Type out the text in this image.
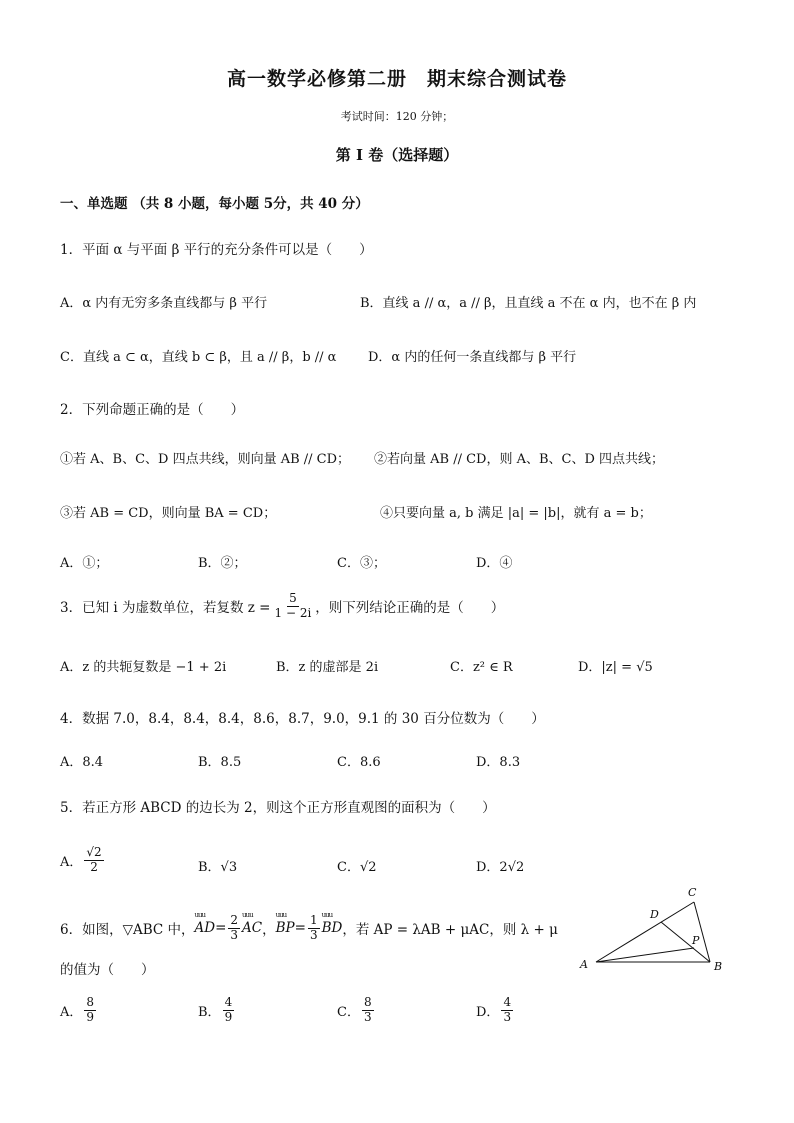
高一数学必修第二册　期末综合测试卷
考试时间：120 分钟；
第 I 卷（选择题）
一、单选题 （共 8 小题，每小题 5分，共 40 分）
1．平面 α 与平面 β 平行的充分条件可以是（　　）
A．α 内有无穷多条直线都与 β 平行	B．直线 a // α，a // β，且直线 a 不在 α 内，也不在 β 内
C．直线 a ⊂ α，直线 b ⊂ β，且 a // β，b // α D．α 内的任何一条直线都与 β 平行
2．下列命题正确的是（　　）
①若 A、B、C、D 四点共线，则向量 AB // CD； ②若向量 AB // CD，则 A、B、C、D 四点共线；
③若 AB = CD，则向量 BA = CD；	④只要向量 a, b 满足 |a| = |b|，就有 a = b；
A．①；	B．②；	C．③；	D．④
3．已知 i 为虚数单位，若复数 $z = \frac{5}{1 - 2i}$ ，则下列结论正确的是（　　）
A．z 的共轭复数是 −1 + 2i	B．z 的虚部是 2i	C．z² ∈ R	D．|z| = √5
4．数据 7.0，8.4，8.4，8.4，8.6，8.7，9.0，9.1 的 30 百分位数为（　　）
A．8.4	B．8.5	C．8.6	D．8.3
5．若正方形 ABCD 的边长为 2，则这个正方形直观图的面积为（　　）
A． $\frac{√2}{2}$	B．√3	C．√2	D．2√2
6．如图，▽ABC 中， uuu AD = $\frac{2}{3}$ uuu AC ， uuu BP = $\frac{1}{3}$ uuu BD ，若 AP = λAB + μAC，则 λ + μ
的值为（　　）	A	B
C
D
P
A． $\frac{8}{9}$	B． $\frac{4}{9}$	C． $\frac{8}{3}$	D． $\frac{4}{3}$
